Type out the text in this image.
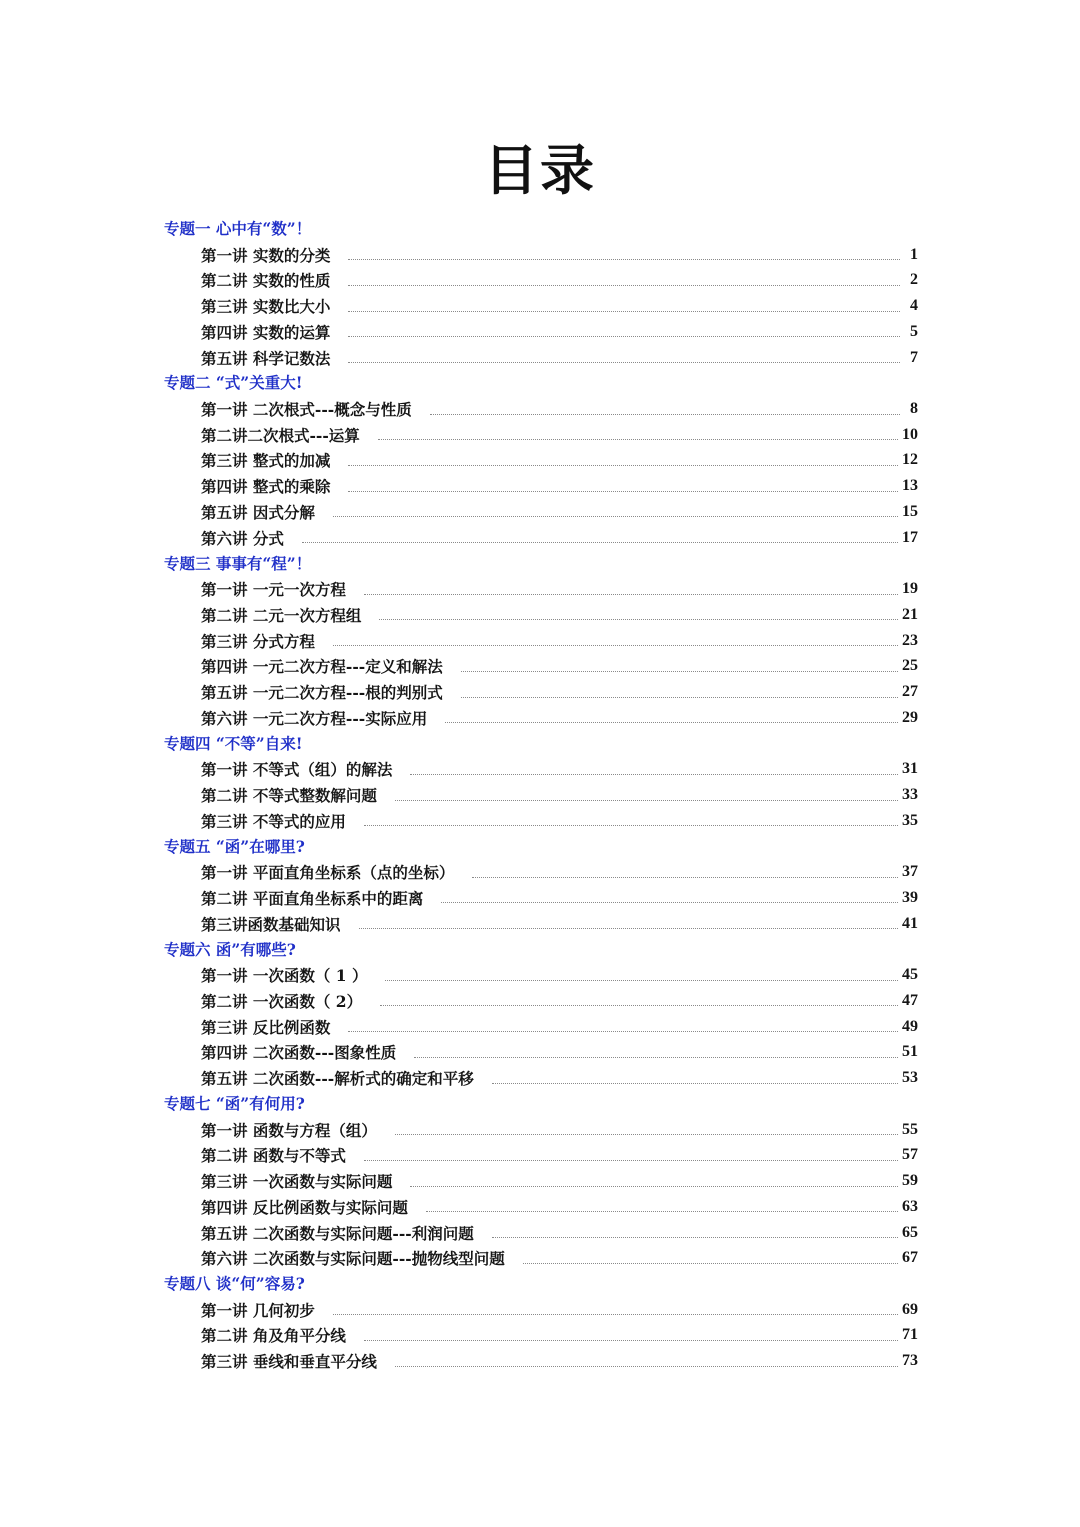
目录
专题一 心中有“数”！
第一讲 实数的分类	1
第二讲 实数的性质	2
第三讲 实数比大小	4
第四讲 实数的运算	5
第五讲 科学记数法	7
专题二 “式”关重大!
第一讲 二次根式---概念与性质	8
第二讲二次根式---运算	10
第三讲 整式的加减	12
第四讲 整式的乘除	13
第五讲 因式分解	15
第六讲 分式	17
专题三 事事有“程”！
第一讲 一元一次方程	19
第二讲 二元一次方程组	21
第三讲 分式方程	23
第四讲 一元二次方程---定义和解法	25
第五讲 一元二次方程---根的判别式	27
第六讲 一元二次方程---实际应用	29
专题四 “不等”自来!
第一讲 不等式（组）的解法	31
第二讲 不等式整数解问题	33
第三讲 不等式的应用	35
专题五 “函”在哪里?
第一讲 平面直角坐标系（点的坐标）	37
第二讲 平面直角坐标系中的距离	39
第三讲函数基础知识	41
专题六 函”有哪些?
第一讲 一次函数（ 1 ）	45
第二讲 一次函数（ 2）	47
第三讲 反比例函数	49
第四讲 二次函数---图象性质	51
第五讲 二次函数---解析式的确定和平移	53
专题七 “函”有何用?
第一讲 函数与方程（组）	55
第二讲 函数与不等式	57
第三讲 一次函数与实际问题	59
第四讲 反比例函数与实际问题	63
第五讲 二次函数与实际问题---利润问题	65
第六讲 二次函数与实际问题---抛物线型问题	67
专题八 谈“何”容易?
第一讲 几何初步	69
第二讲 角及角平分线	71
第三讲 垂线和垂直平分线	73
